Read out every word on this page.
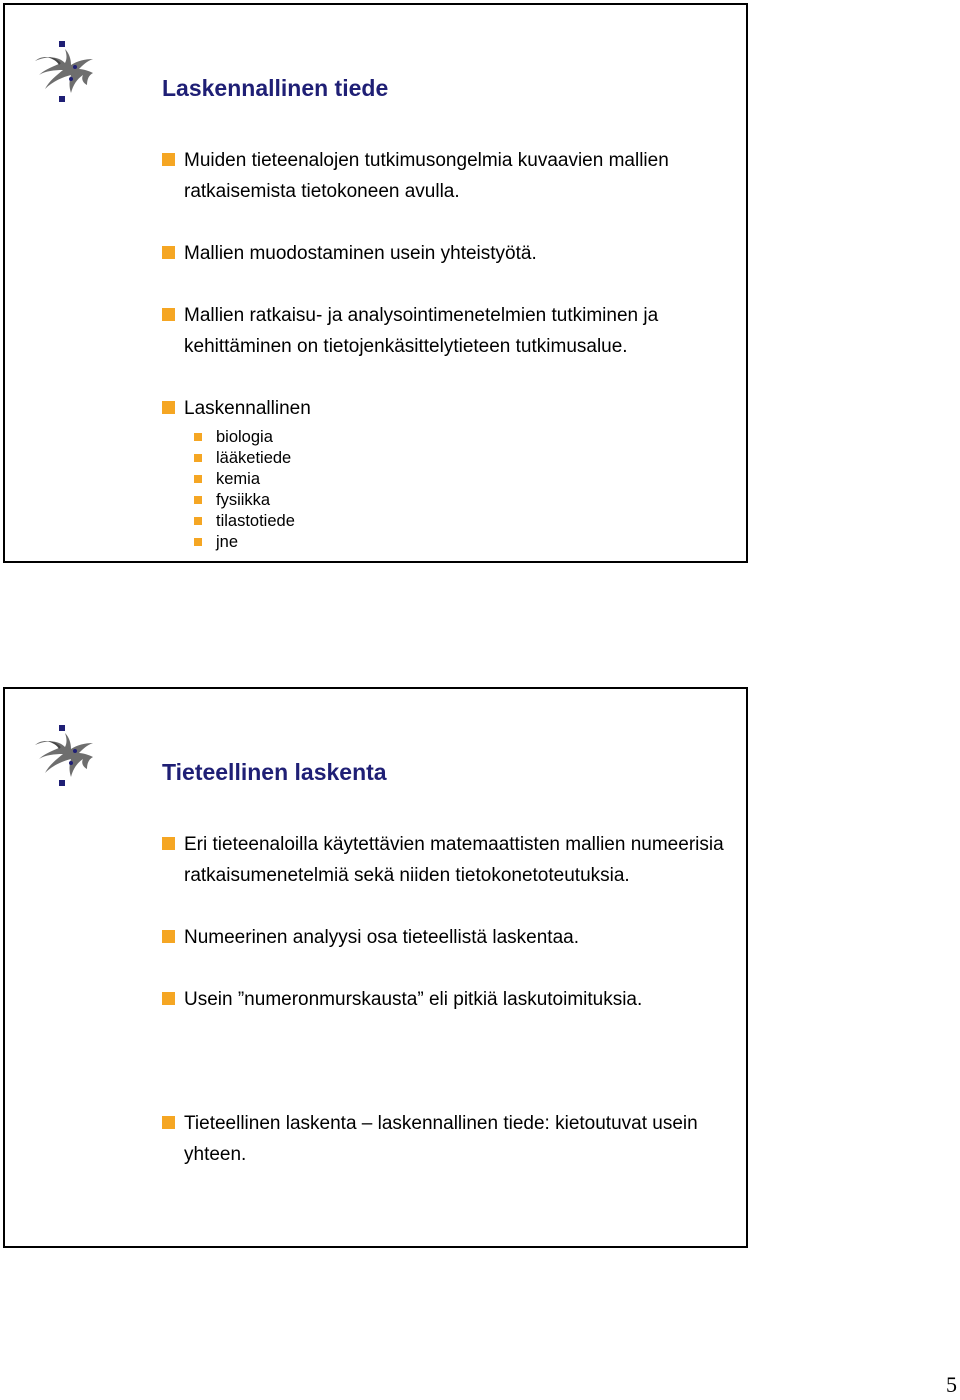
Laskennallinen tiede
Muiden tieteenalojen tutkimusongelmia kuvaavien mallien ratkaisemista tietokoneen avulla.
Mallien muodostaminen usein yhteistyötä.
Mallien ratkaisu- ja analysointimenetelmien tutkiminen ja kehittäminen on tietojenkäsittelytieteen tutkimusalue.
Laskennallinen
biologia
lääketiede
kemia
fysiikka
tilastotiede
jne
Tieteellinen laskenta
Eri tieteenaloilla käytettävien matemaattisten mallien numeerisia ratkaisumenetelmiä sekä niiden tietokonetoteutuksia.
Numeerinen analyysi osa tieteellistä laskentaa.
Usein ”numeronmurskausta” eli pitkiä laskutoimituksia.
Tieteellinen laskenta – laskennallinen tiede: kietoutuvat usein yhteen.
5
